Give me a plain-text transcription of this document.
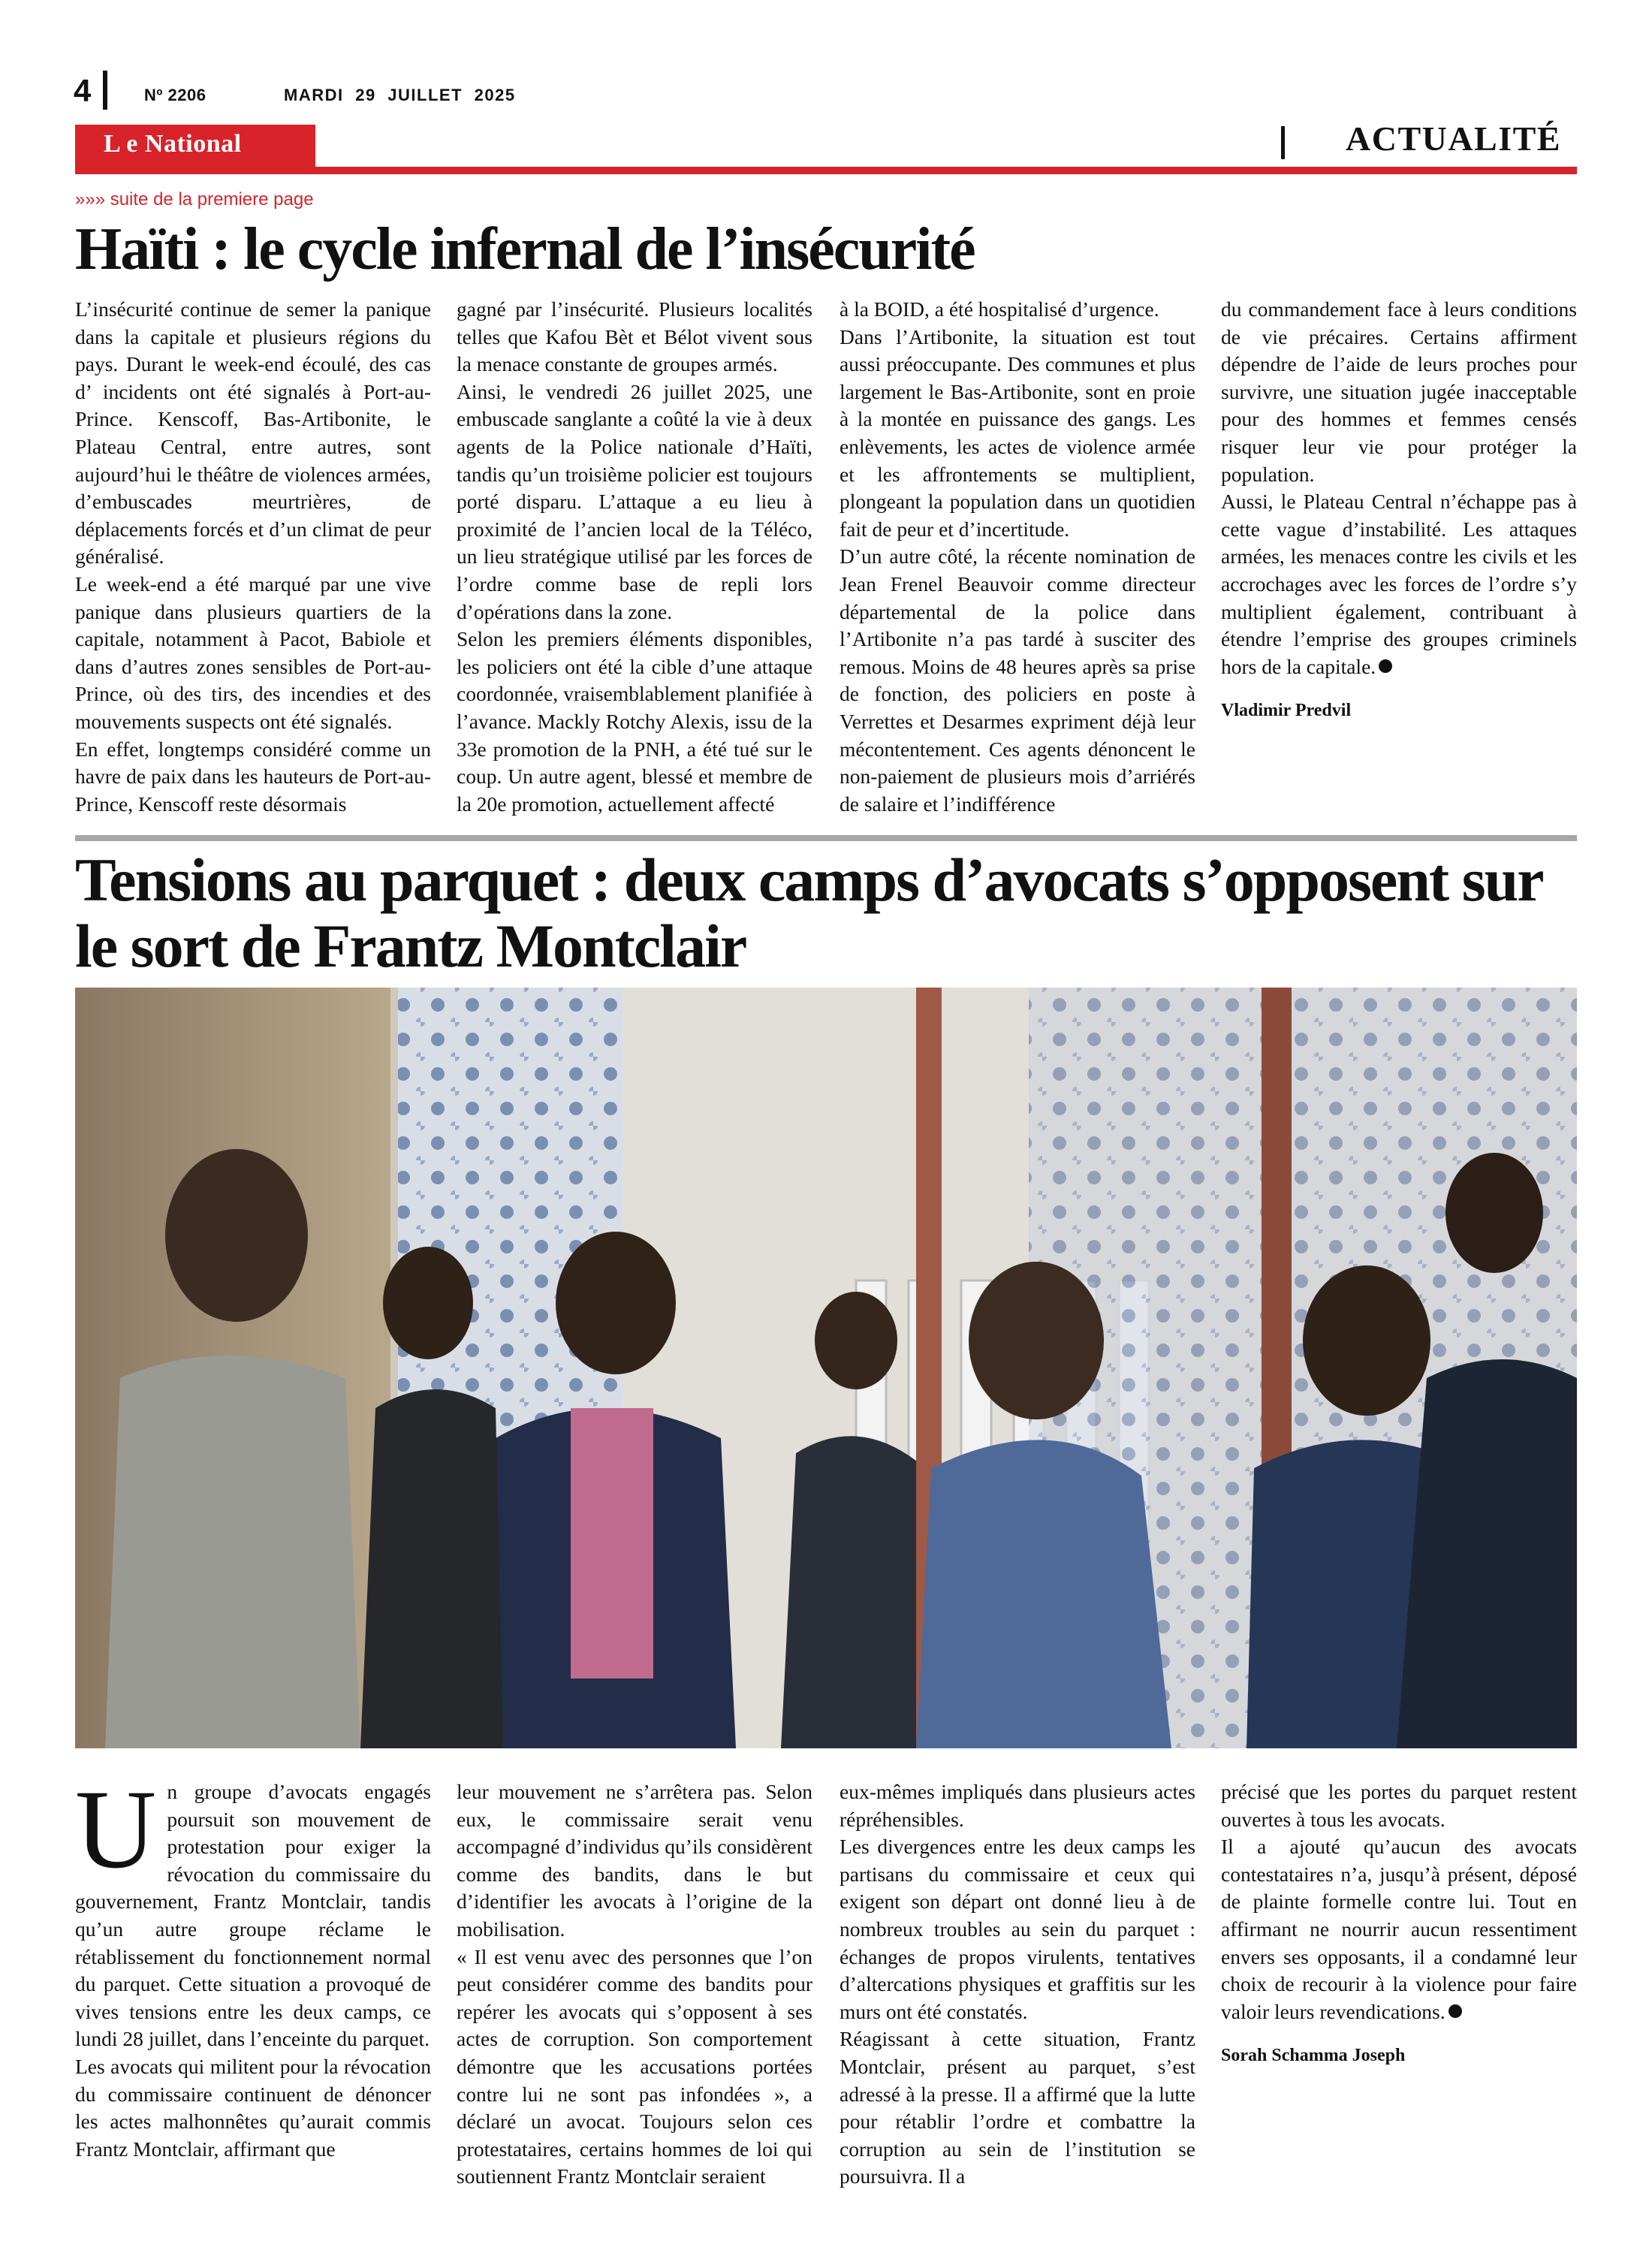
4	Nº 2206	MARDI 29 JUILLET 2025
L e National	ACTUALITÉ
»»» suite de la premiere page
Haïti : le cycle infernal de l’insécurité

L’insécurité continue de semer la panique dans la capitale et plusieurs régions du pays. Durant le week-end écoulé, des cas d’ incidents ont été signalés à Port-au-Prince. Kenscoff, Bas-Artibonite, le Plateau Central, entre autres, sont aujourd’hui le théâtre de violences armées, d’embuscades meurtrières, de déplacements forcés et d’un climat de peur généralisé.

Le week-end a été marqué par une vive panique dans plusieurs quartiers de la capitale, notamment à Pacot, Babiole et dans d’autres zones sensibles de Port-au-Prince, où des tirs, des incendies et des mouvements suspects ont été signalés.

En effet, longtemps considéré comme un havre de paix dans les hauteurs de Port-au-Prince, Kenscoff reste désormais

gagné par l’insécurité. Plusieurs localités telles que Kafou Bèt et Bélot vivent sous la menace constante de groupes armés.

Ainsi, le vendredi 26 juillet 2025, une embuscade sanglante a coûté la vie à deux agents de la Police nationale d’Haïti, tandis qu’un troisième policier est toujours porté disparu. L’attaque a eu lieu à proximité de l’ancien local de la Téléco, un lieu stratégique utilisé par les forces de l’ordre comme base de repli lors d’opérations dans la zone.

Selon les premiers éléments disponibles, les policiers ont été la cible d’une attaque coordonnée, vraisemblablement planifiée à l’avance. Mackly Rotchy Alexis, issu de la 33e promotion de la PNH, a été tué sur le coup. Un autre agent, blessé et membre de la 20e promotion, actuellement affecté

à la BOID, a été hospitalisé d’urgence.

Dans l’Artibonite, la situation est tout aussi préoccupante. Des communes et plus largement le Bas-Artibonite, sont en proie à la montée en puissance des gangs. Les enlèvements, les actes de violence armée et les affrontements se multiplient, plongeant la population dans un quotidien fait de peur et d’incertitude.

D’un autre côté, la récente nomination de Jean Frenel Beauvoir comme directeur départemental de la police dans l’Artibonite n’a pas tardé à susciter des remous. Moins de 48 heures après sa prise de fonction, des policiers en poste à Verrettes et Desarmes expriment déjà leur mécontentement. Ces agents dénoncent le non-paiement de plusieurs mois d’arriérés de salaire et l’indifférence

du commandement face à leurs conditions de vie précaires. Certains affirment dépendre de l’aide de leurs proches pour survivre, une situation jugée inacceptable pour des hommes et femmes censés risquer leur vie pour protéger la population.

Aussi, le Plateau Central n’échappe pas à cette vague d’instabilité. Les attaques armées, les menaces contre les civils et les accrochages avec les forces de l’ordre s’y multiplient également, contribuant à étendre l’emprise des groupes criminels hors de la capitale.

Vladimir Predvil

Tensions au parquet : deux camps d’avocats s’opposent sur le sort de Frantz Montclair
U n groupe d’avocats engagés poursuit son mouvement de protestation pour exiger la révocation du commissaire du gouvernement, Frantz Montclair, tandis qu’un autre groupe réclame le rétablissement du fonctionnement normal du parquet. Cette situation a provoqué de vives tensions entre les deux camps, ce lundi 28 juillet, dans l’enceinte du parquet.

Les avocats qui militent pour la révocation du commissaire continuent de dénoncer les actes malhonnêtes qu’aurait commis Frantz Montclair, affirmant que

leur mouvement ne s’arrêtera pas. Selon eux, le commissaire serait venu accompagné d’individus qu’ils considèrent comme des bandits, dans le but d’identifier les avocats à l’origine de la mobilisation.

« Il est venu avec des personnes que l’on peut considérer comme des bandits pour repérer les avocats qui s’opposent à ses actes de corruption. Son comportement démontre que les accusations portées contre lui ne sont pas infondées », a déclaré un avocat. Toujours selon ces protestataires, certains hommes de loi qui soutiennent Frantz Montclair seraient

eux-mêmes impliqués dans plusieurs actes répréhensibles.

Les divergences entre les deux camps les partisans du commissaire et ceux qui exigent son départ ont donné lieu à de nombreux troubles au sein du parquet : échanges de propos virulents, tentatives d’altercations physiques et graffitis sur les murs ont été constatés.

Réagissant à cette situation, Frantz Montclair, présent au parquet, s’est adressé à la presse. Il a affirmé que la lutte pour rétablir l’ordre et combattre la corruption au sein de l’institution se poursuivra. Il a

précisé que les portes du parquet restent ouvertes à tous les avocats.

Il a ajouté qu’aucun des avocats contestataires n’a, jusqu’à présent, déposé de plainte formelle contre lui. Tout en affirmant ne nourrir aucun ressentiment envers ses opposants, il a condamné leur choix de recourir à la violence pour faire valoir leurs revendications.

Sorah Schamma Joseph
